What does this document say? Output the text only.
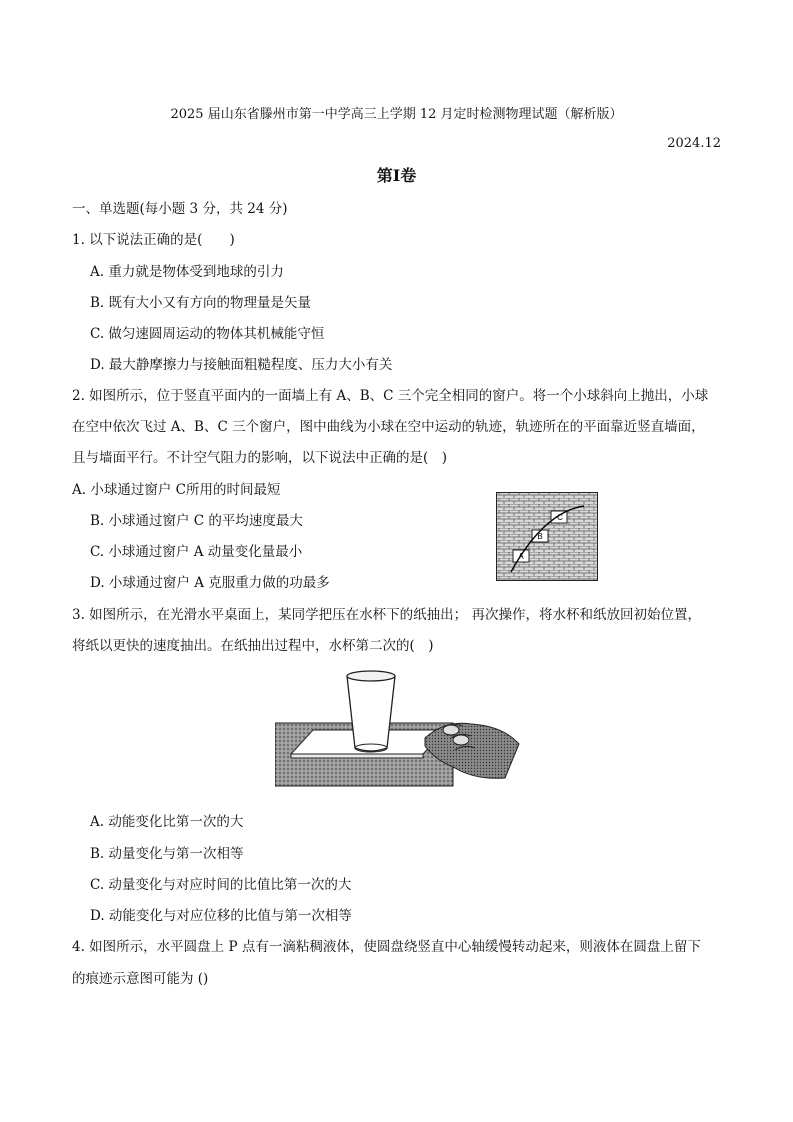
2025 届山东省滕州市第一中学高三上学期 12 月定时检测物理试题（解析版）
2024.12
第Ⅰ卷
一、单选题(每小题 3 分，共 24 分)
1. 以下说法正确的是(　　)
A. 重力就是物体受到地球的引力
B. 既有大小又有方向的物理量是矢量
C. 做匀速圆周运动的物体其机械能守恒
D. 最大静摩擦力与接触面粗糙程度、压力大小有关
2. 如图所示，位于竖直平面内的一面墙上有 A、B、C 三个完全相同的窗户。将一个小球斜向上抛出，小球
在空中依次飞过 A、B、C 三个窗户，图中曲线为小球在空中运动的轨迹，轨迹所在的平面靠近竖直墙面，
且与墙面平行。不计空气阻力的影响，以下说法中正确的是(　)
A. 小球通过窗户 C所用的时间最短
B. 小球通过窗户 C 的平均速度最大
C. 小球通过窗户 A 动量变化量最小
D. 小球通过窗户 A 克服重力做的功最多
A
B
C
3. 如图所示，在光滑水平桌面上，某同学把压在水杯下的纸抽出； 再次操作，将水杯和纸放回初始位置，
将纸以更快的速度抽出。在纸抽出过程中，水杯第二次的(　)
A. 动能变化比第一次的大
B. 动量变化与第一次相等
C. 动量变化与对应时间的比值比第一次的大
D. 动能变化与对应位移的比值与第一次相等
4. 如图所示，水平圆盘上 P 点有一滴粘稠液体，使圆盘绕竖直中心轴缓慢转动起来，则液体在圆盘上留下
的痕迹示意图可能为 ()
